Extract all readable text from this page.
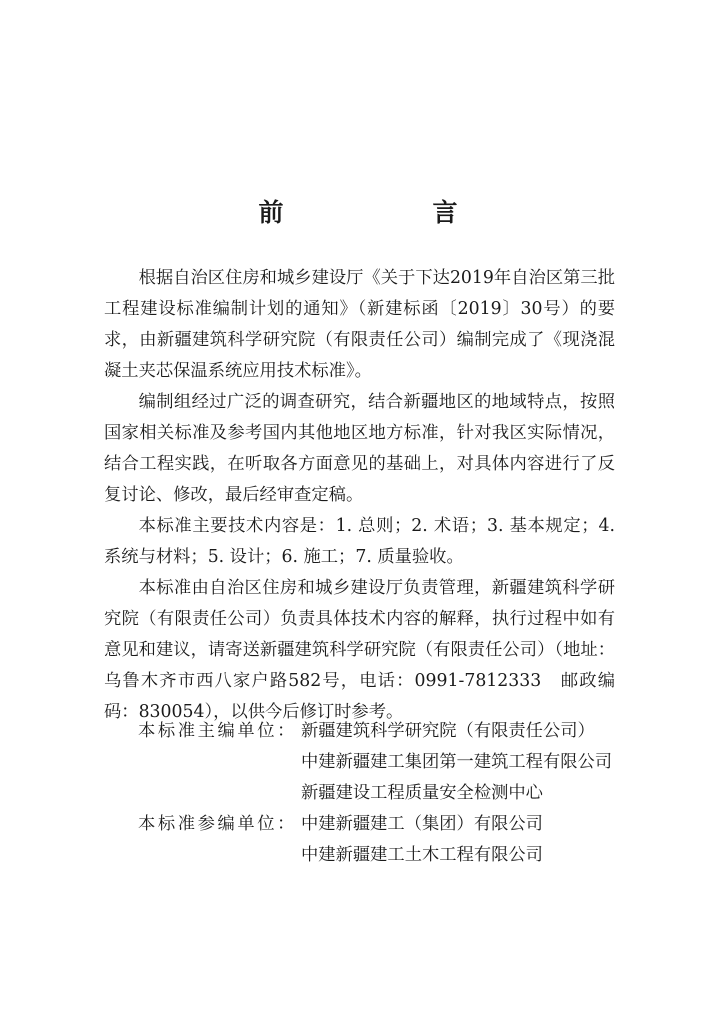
前　言

根据自治区住房和城乡建设厅《关于下达2019年自治区第三批工程建设标准编制计划的通知》（新建标函〔2019〕30号）的要求，由新疆建筑科学研究院（有限责任公司）编制完成了《现浇混凝土夹芯保温系统应用技术标准》。

编制组经过广泛的调查研究，结合新疆地区的地域特点，按照国家相关标准及参考国内其他地区地方标准，针对我区实际情况，结合工程实践，在听取各方面意见的基础上，对具体内容进行了反复讨论、修改，最后经审查定稿。

本标准主要技术内容是：1. 总则；2. 术语；3. 基本规定；4. 系统与材料；5. 设计；6. 施工；7. 质量验收。

本标准由自治区住房和城乡建设厅负责管理，新疆建筑科学研究院（有限责任公司）负责具体技术内容的解释，执行过程中如有意见和建议，请寄送新疆建筑科学研究院（有限责任公司）（地址：乌鲁木齐市西八家户路582号，电话：0991-7812333　邮政编码：830054），以供今后修订时参考。

本标准主编单位： 新疆建筑科学研究院（有限责任公司）
中建新疆建工集团第一建筑工程有限公司
新疆建设工程质量安全检测中心
本标准参编单位： 中建新疆建工（集团）有限公司
中建新疆建工土木工程有限公司
